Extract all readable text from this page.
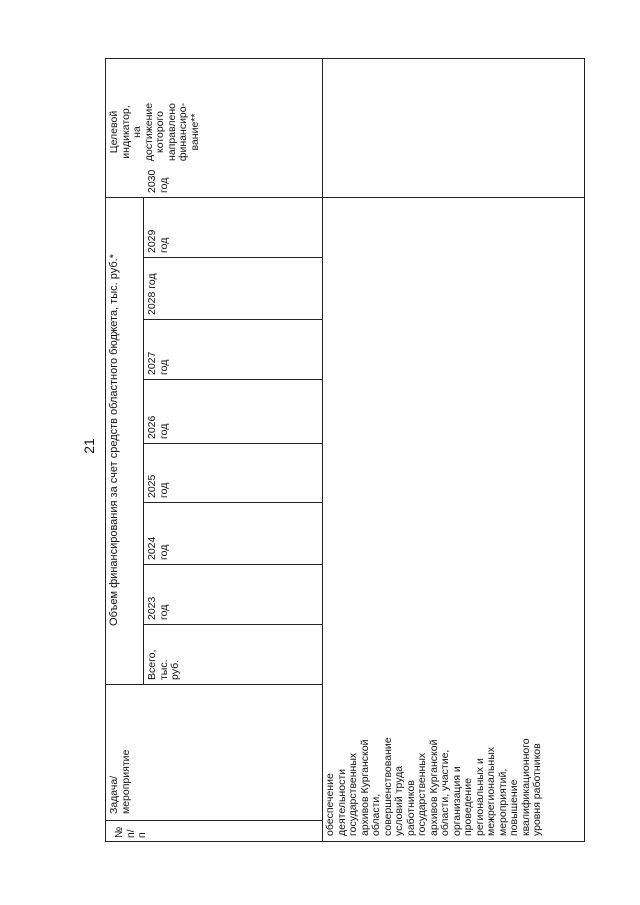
21
№
п/
п
Задача/
мероприятие
Объем финансирования за счет средств областного бюджета, тыс. руб.*
Всего,
тыс.
руб.
2023
год
2024
год
2025
год
2026
год
2027
год
2028 год
2029
год
2030
год
Целевой
индикатор,
на
достижение
которого
направлено
финансиро-
вание**
обеспечение
деятельности
государственных
архивов Курганской
области,
совершенствование
условий труда
работников
государственных
архивов Курганской
области, участие,
организация и
проведение
региональных и
межрегиональных
мероприятий,
повышение
квалификационного
уровня работников
